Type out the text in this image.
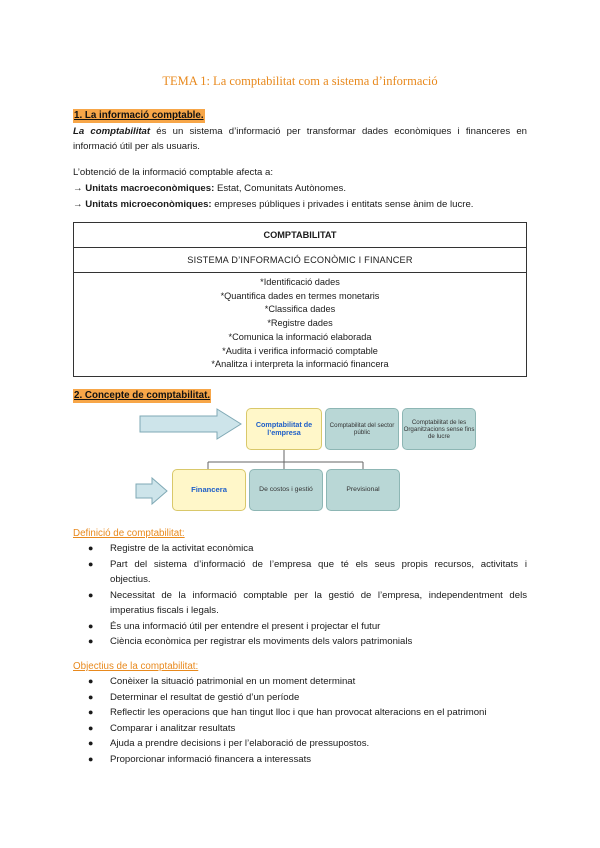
TEMA 1: La comptabilitat com a sistema d’informació
1. La informació comptable.
La comptabilitat és un sistema d’informació per transformar dades econòmiques i financeres en
informació útil per als usuaris.
L’obtenció de la informació comptable afecta a:
→ Unitats macroeconòmiques: Estat, Comunitats Autònomes.
→ Unitats microeconòmiques: empreses públiques i privades i entitats sense ànim de lucre.
COMPTABILITAT
SISTEMA D’INFORMACIÓ ECONÒMIC I FINANCER

*Identificació dades
*Quantifica dades en termes monetaris
*Classifica dades
*Registre dades
*Comunica la informació elaborada
*Audita i verifica informació comptable
*Analitza i interpreta la informació financera
2. Concepte de comptabilitat.
Comptabilitat de l’empresa
Comptabilitat del sector públic
Comptabilitat de les Organitzacions sense fins de lucre
Financera	De costos i gestió	Previsional
Definició de comptabilitat:
● Registre de la activitat econòmica
● Part del sistema d’informació de l’empresa que té els seus propis recursos, activitats i
objectius.
● Necessitat de la informació comptable per la gestió de l’empresa, independentment dels
imperatius fiscals i legals.
● És una informació útil per entendre el present i projectar el futur
● Ciència econòmica per registrar els moviments dels valors patrimonials
Objectius de la comptabilitat:
● Conèixer la situació patrimonial en un moment determinat
● Determinar el resultat de gestió d’un període
● Reflectir les operacions que han tingut lloc i que han provocat alteracions en el patrimoni
● Comparar i analitzar resultats
● Ajuda a prendre decisions i per l’elaboració de pressupostos.
● Proporcionar informació financera a interessats
